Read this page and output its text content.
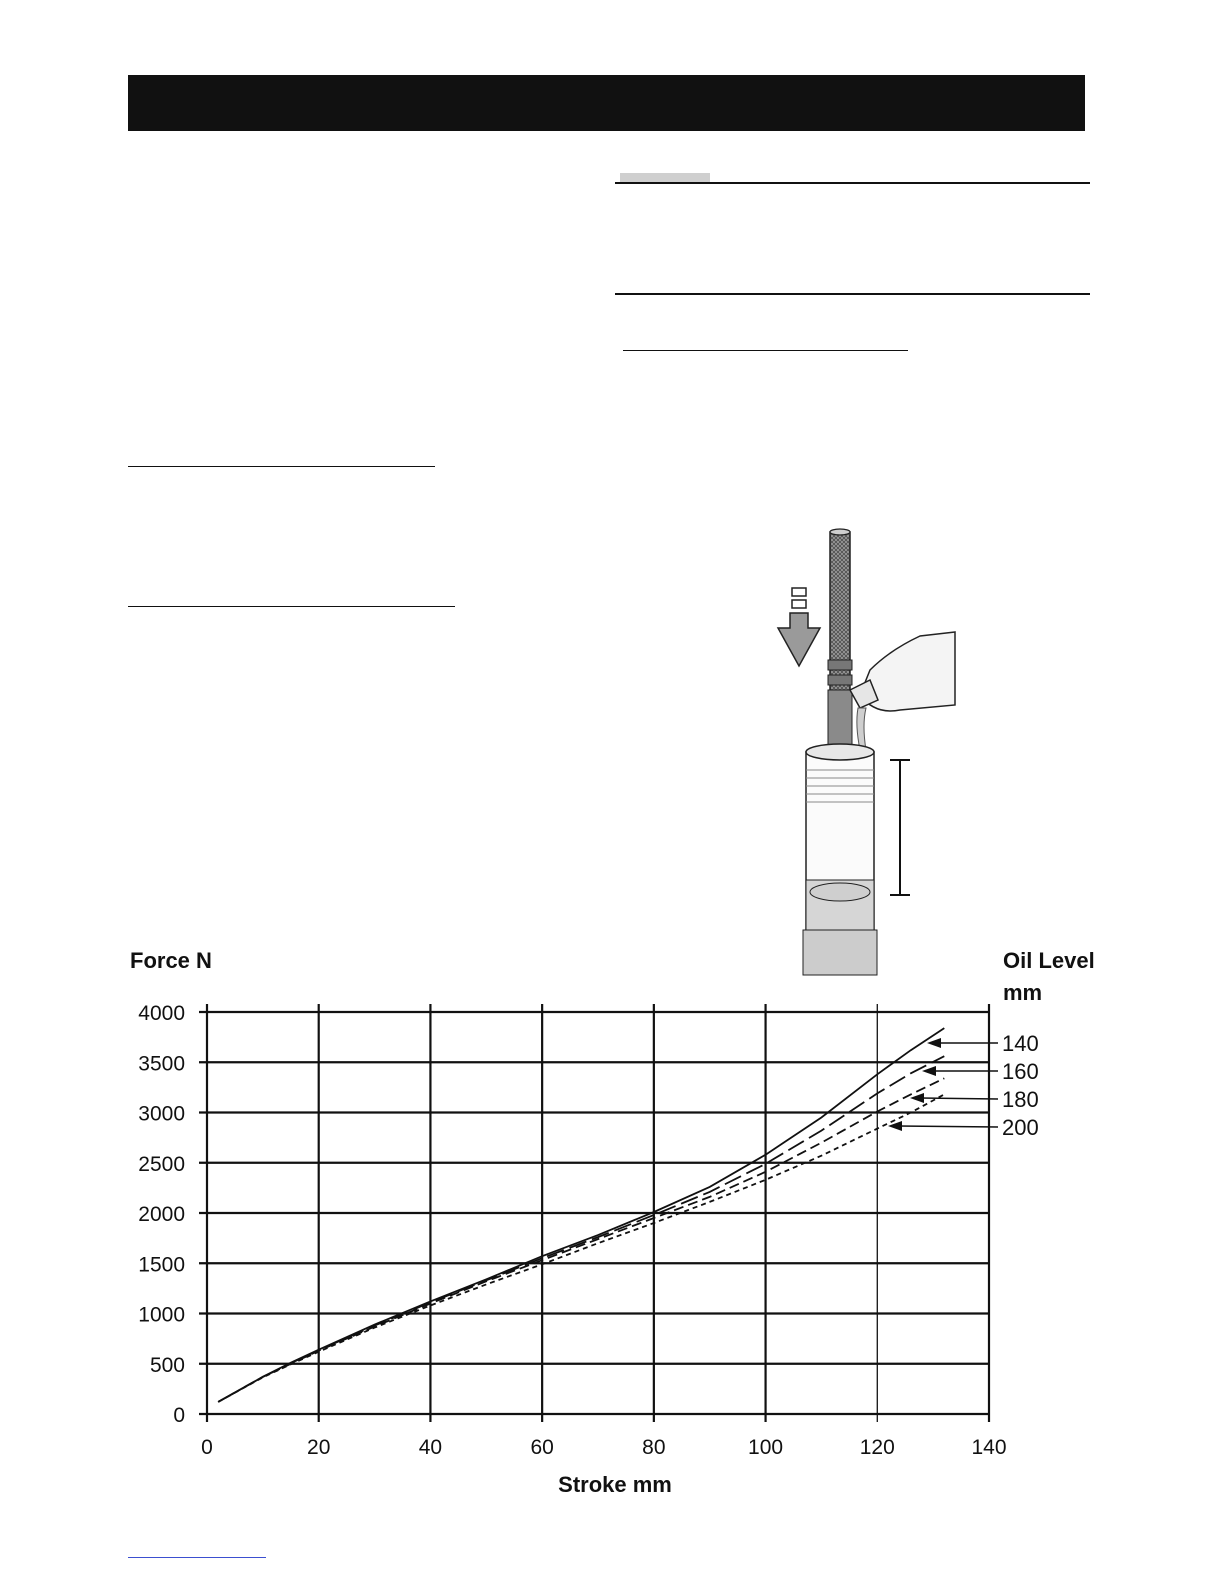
Force N	Oil Level
mm
Stroke mm
140
160
180
200
0
500
1000
1500
2000
2500
3000
3500
4000
0	20	40	60	80	100	120	140
